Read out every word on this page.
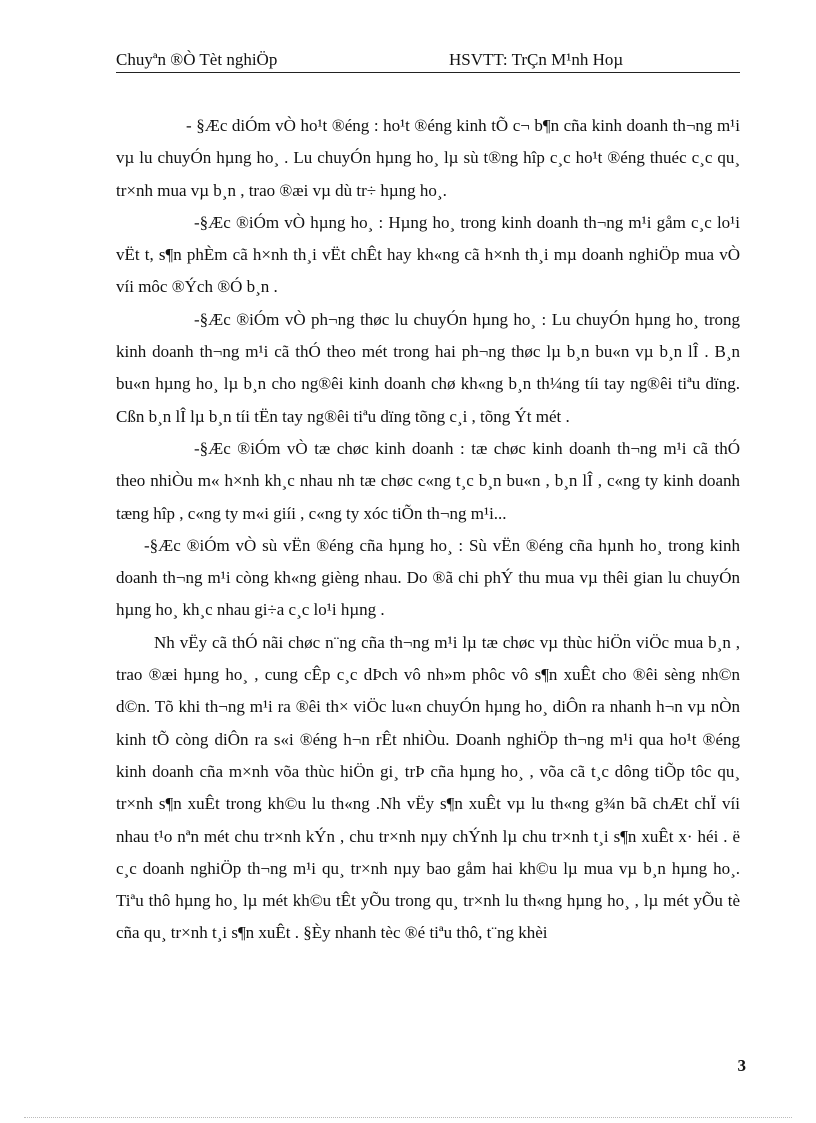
Chuyªn ®Ò Tèt nghiÖp	HSVTT: TrÇn M¹nh Hoµ

- §Æc diÓm vÒ ho¹t ®éng : ho¹t ®éng kinh tÕ c¬ b¶n cña kinh doanh th¬ng m¹i vµ lu chuyÓn hµng ho¸ . Lu chuyÓn hµng ho¸ lµ sù t®ng hîp c¸c ho¹t ®éng thuéc c¸c qu¸ tr×nh mua vµ b¸n , trao ®æi vµ dù tr÷ hµng ho¸.

-§Æc ®iÓm vÒ hµng ho¸ : Hµng ho¸ trong kinh doanh th¬ng m¹i gåm c¸c lo¹i vËt t, s¶n phÈm cã h×nh th¸i vËt chÊt hay kh«ng cã h×nh th¸i mµ doanh nghiÖp mua vÒ víi môc ®Ých ®Ó b¸n .

-§Æc ®iÓm vÒ ph¬ng thøc lu chuyÓn hµng ho¸ : Lu chuyÓn hµng ho¸ trong kinh doanh th¬ng m¹i cã thÓ theo mét trong hai ph¬ng thøc lµ b¸n bu«n vµ b¸n lÎ . B¸n bu«n hµng ho¸ lµ b¸n cho ng®êi kinh doanh chø kh«ng b¸n th¼ng tíi tay ng®êi tiªu dïng. Cßn b¸n lÎ lµ b¸n tíi tËn tay ng®êi tiªu dïng tõng c¸i , tõng Ýt mét .

-§Æc ®iÓm vÒ tæ chøc kinh doanh : tæ chøc kinh doanh th¬ng m¹i cã thÓ theo nhiÒu m« h×nh kh¸c nhau nh tæ chøc c«ng t¸c b¸n bu«n , b¸n lÎ , c«ng ty kinh doanh tæng hîp , c«ng ty m«i giíi , c«ng ty xóc tiÕn th¬ng m¹i...

-§Æc ®iÓm vÒ sù vËn ®éng cña hµng ho¸ : Sù vËn ®éng cña hµnh ho¸ trong kinh doanh th¬ng m¹i còng kh«ng gièng nhau. Do ®ã chi phÝ thu mua vµ thêi gian lu chuyÓn hµng ho¸ kh¸c nhau gi÷a c¸c lo¹i hµng .

Nh vËy cã thÓ nãi chøc n¨ng cña th¬ng m¹i lµ tæ chøc vµ thùc hiÖn viÖc mua b¸n , trao ®æi hµng ho¸ , cung cÊp c¸c dÞch vô nh»m phôc vô s¶n xuÊt cho ®êi sèng nh©n d©n. Tõ khi th¬ng m¹i ra ®êi th× viÖc lu«n chuyÓn hµng ho¸ diÔn ra nhanh h¬n vµ nÒn kinh tÕ còng diÔn ra s«i ®éng h¬n rÊt nhiÒu. Doanh nghiÖp th¬ng m¹i qua ho¹t ®éng kinh doanh cña m×nh võa thùc hiÖn gi¸ trÞ cña hµng ho¸ , võa cã t¸c dông tiÕp tôc qu¸ tr×nh s¶n xuÊt trong kh©u lu th«ng .Nh vËy s¶n xuÊt vµ lu th«ng g¾n bã chÆt chÏ víi nhau t¹o nªn mét chu tr×nh kÝn , chu tr×nh nµy chÝnh lµ chu tr×nh t¸i s¶n xuÊt x· héi . ë c¸c doanh nghiÖp th¬ng m¹i qu¸ tr×nh nµy bao gåm hai kh©u lµ mua vµ b¸n hµng ho¸. Tiªu thô hµng ho¸ lµ mét kh©u tÊt yÕu trong qu¸ tr×nh lu th«ng hµng ho¸ , lµ mét yÕu tè cña qu¸ tr×nh t¸i s¶n xuÊt . §Èy nhanh tèc ®é tiªu thô, t¨ng khèi

3
